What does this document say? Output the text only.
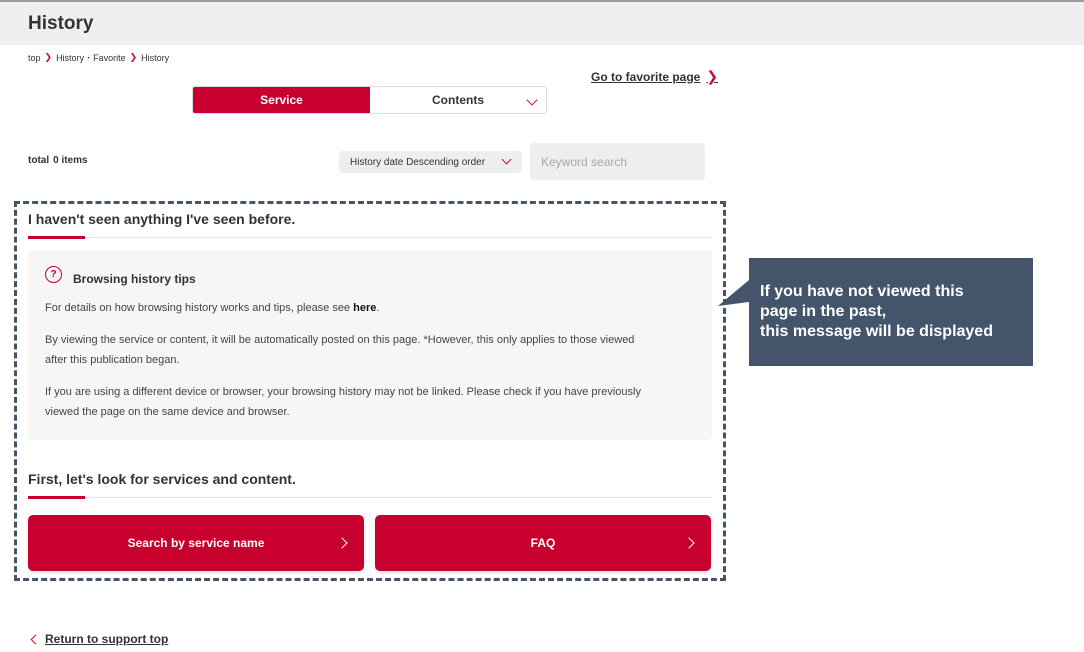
History
top ❯ History・Favorite ❯ History
Go to favorite page ❯
Service	Contents
total 0 items	History date Descending order
Keyword search
I haven't seen anything I've seen before.
?	Browsing history tips
For details on how browsing history works and tips, please see here.
By viewing the service or content, it will be automatically posted on this page. *However, this only applies to those viewed
after this publication began.
If you are using a different device or browser, your browsing history may not be linked. Please check if you have previously
viewed the page on the same device and browser.
First, let's look for services and content.
Search by service name	FAQ
If you have not viewed this
page in the past,
this message will be displayed
Return to support top
